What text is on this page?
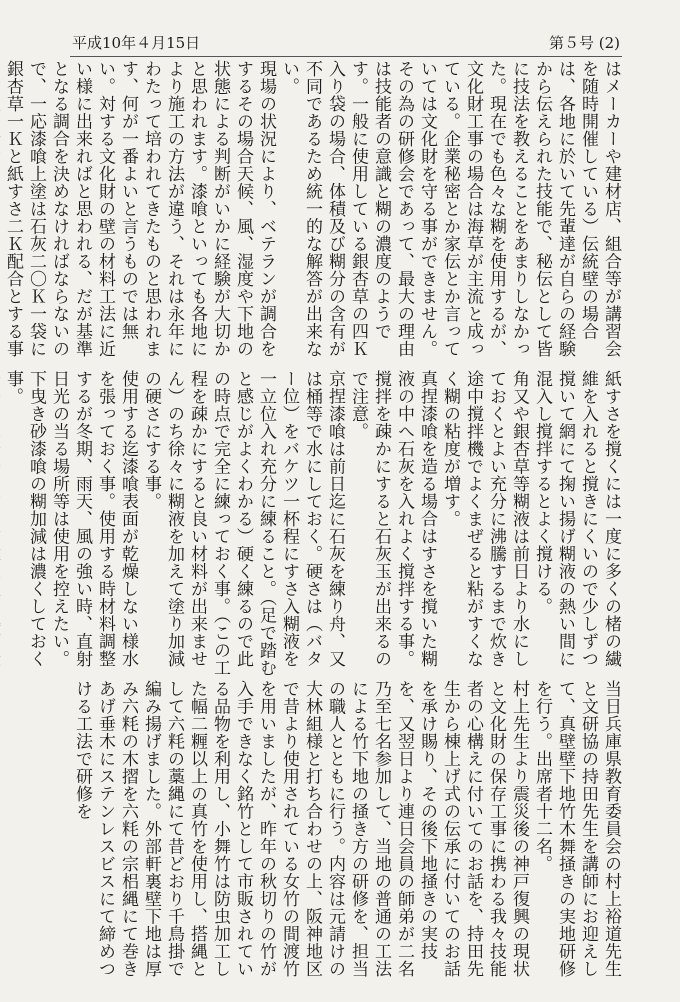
平成10年４月15日	第５号 (2)

はメーカーや建材店、組合等が講習会を随時開催している）伝統壁の場合は、各地に於いて先輩達が自らの経験から伝えられた技能で、秘伝として皆に技法を教えることをあまりしなかった。現在でも色々な糊を使用するが、文化財工事の場合は海草が主流と成っている。企業秘密とか家伝とか言っていては文化財を守る事ができません。その為の研修会であって、最大の理由は技能者の意識と糊の濃度のようです。一般に使用している銀杏草の四Ｋ入り袋の場合、体積及び糊分の含有が不同であるため統一的な解答が出来ない。

現場の状況により、ベテランが調合をするその場合天候、風、湿度や下地の状態による判断がいかに経験が大切かと思われます。漆喰といっても各地により施工の方法が違う、それは永年にわたって培われてきたものと思われます、何が一番よいと言うものでは無い。対する文化財の壁の材料工法に近い様に出来ればと思われる、だが基準となる調合を決めなければならないので、一応漆喰上塗は石灰二〇Ｋ一袋に銀杏草一Ｋと紙すさ二Ｋ配合とする事

紙すさを撹くには一度に多くの楮の繊維を入れると撹きにくいので少しずつ撹いて網にて掬い揚げ糊液の熱い間に混入し撹拌するとよく撹ける。

角又や銀杏草等糊液は前日より水にしておくとよい充分に沸騰するまで炊き途中撹拌機でよくまぜると粘がすくなく糊の粘度が増す。

真捏漆喰を造る場合はすさを撹いた糊液の中へ石灰を入れよく撹拌する事。撹拌を疎かにすると石灰玉が出来るので注意。

京捏漆喰は前日迄に石灰を練り舟、又は桶等で水にしておく。硬さは（バター位）をバケツ一杯程にすさ入糊液を一立位入れ充分に練ること。（足で踏むと感じがよくわかる）硬く練るので此の時点で完全に練っておく事。（この工程を疎かにすると良い材料が出来ません）のち徐々に糊液を加えて塗り加減の硬さにする事。

使用する迄漆喰表面が乾燥しない様水を張っておく事。使用する時材料調整するが冬期、雨天、風の強い時、直射日光の当る場所等は使用を控えたい。

下曳き砂漆喰の糊加減は濃くしておく事。

当日兵庫県教育委員会の村上裕道先生と文研協の持田先生を講師にお迎えして、真壁壁下地竹木舞掻きの実地研修を行う。出席者十二名。

村上先生より震災後の神戸復興の現状と文化財の保存工事に携わる我々技能者の心構えに付いてのお話を、持田先生から棟上げ式の伝承に付いてのお話を承け賜り、その後下地掻きの実技を、又翌日より連日会員の師弟が二名乃至七名参加して、当地の普通の工法による竹下地の掻き方の研修を、担当の職人とともに行う。内容は元請けの大林組様と打ち合わせの上、阪神地区で昔より使用されている女竹の間渡竹を用いましたが、昨年の秋切りの竹が入手できなく銘竹として市販されている品物を利用し、小舞竹は防虫加工した幅二糎以上の真竹を使用し、搭縄として六粍の藁縄にて昔どおり千鳥掛で編み揚げました。外部軒裏壁下地は厚み六粍の木摺を六粍の宗梠縄にて巻きあげ垂木にステンレスビスにて締めつける工法で研修を
